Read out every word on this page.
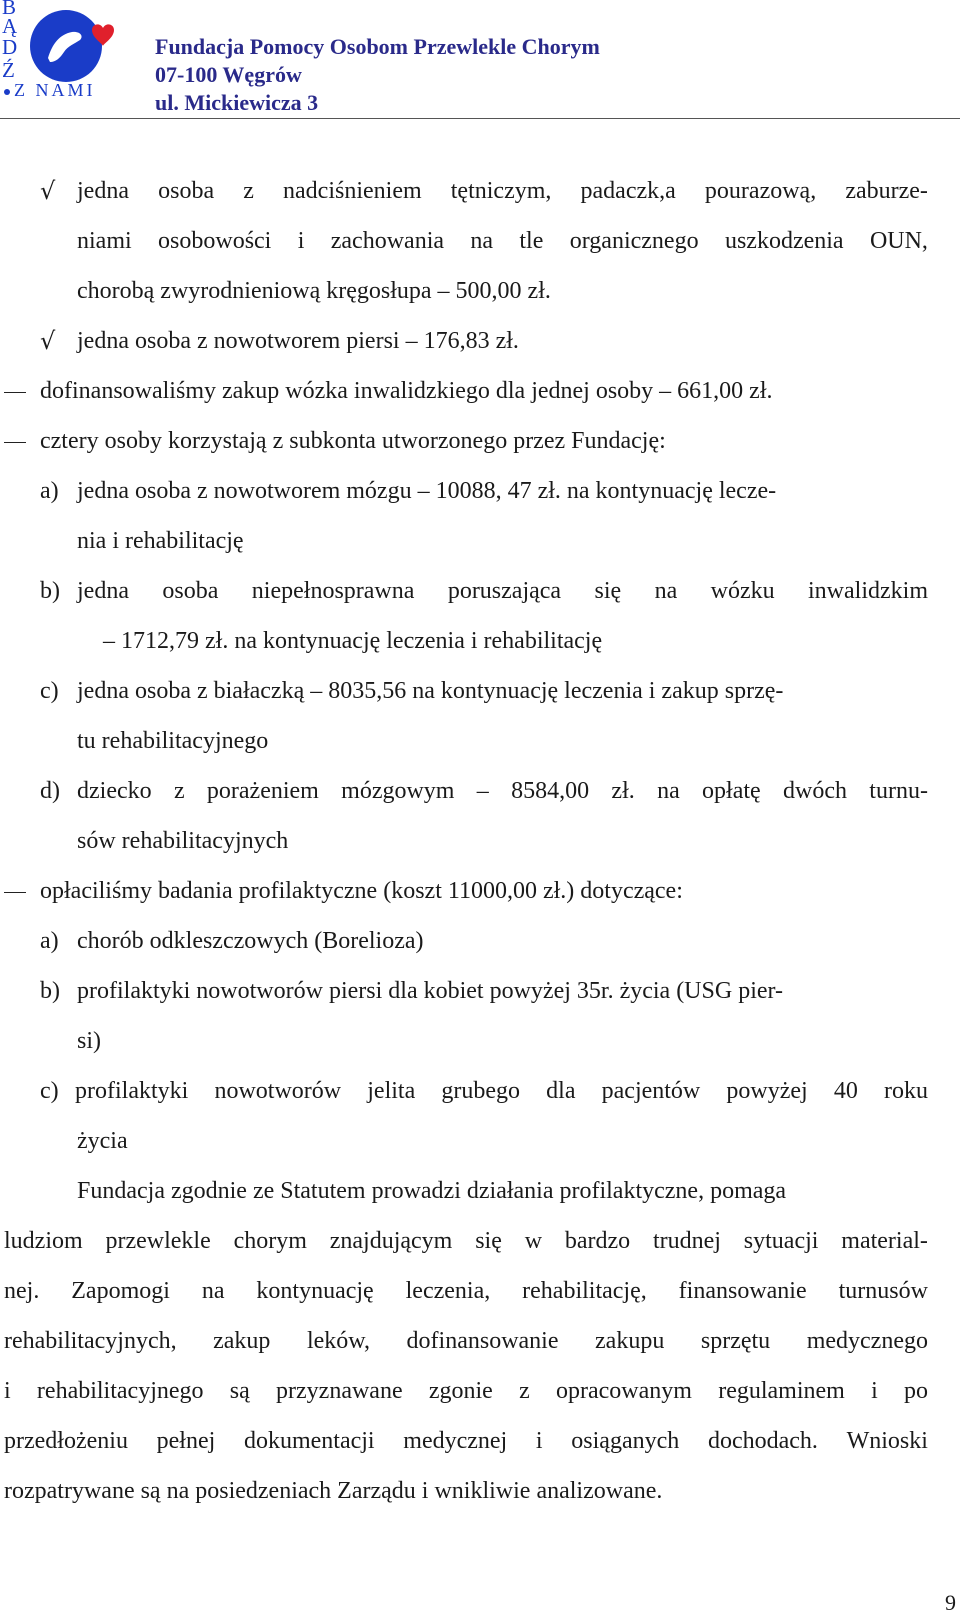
B
Ą
D
Ź
Z NAMI
Fundacja Pomocy Osobom Przewlekle Chorym
07-100 Węgrów
ul. Mickiewicza 3
√ jedna osoba z nadciśnieniem tętniczym, padaczk,a pourazową, zaburze-
niami osobowości i zachowania na tle organicznego uszkodzenia OUN,
chorobą zwyrodnieniową kręgosłupa – 500,00 zł.
√ jedna osoba z nowotworem piersi – 176,83 zł.
dofinansowaliśmy zakup wózka inwalidzkiego dla jednej osoby – 661,00 zł.
cztery osoby korzystają z subkonta utworzonego przez Fundację:
a) jedna osoba z nowotworem mózgu – 10088, 47 zł. na kontynuację lecze-
nia i rehabilitację
b) jedna osoba niepełnosprawna poruszająca się na wózku inwalidzkim
– 1712,79 zł. na kontynuację leczenia i rehabilitację
c) jedna osoba z białaczką – 8035,56 na kontynuację leczenia i zakup sprzę-
tu rehabilitacyjnego
d) dziecko z porażeniem mózgowym – 8584,00 zł. na opłatę dwóch turnu-
sów rehabilitacyjnych
opłaciliśmy badania profilaktyczne (koszt 11000,00 zł.) dotyczące:
a) chorób odkleszczowych (Borelioza)
b) profilaktyki nowotworów piersi dla kobiet powyżej 35r. życia (USG pier-
si)
c) profilaktyki nowotworów jelita grubego dla pacjentów powyżej 40 roku
życia
Fundacja zgodnie ze Statutem prowadzi działania profilaktyczne, pomaga
ludziom przewlekle chorym znajdującym się w bardzo trudnej sytuacji material-
nej. Zapomogi na kontynuację leczenia, rehabilitację, finansowanie turnusów
rehabilitacyjnych, zakup leków, dofinansowanie zakupu sprzętu medycznego
i rehabilitacyjnego są przyznawane zgonie z opracowanym regulaminem i po
przedłożeniu pełnej dokumentacji medycznej i osiąganych dochodach. Wnioski
rozpatrywane są na posiedzeniach Zarządu i wnikliwie analizowane.
9
